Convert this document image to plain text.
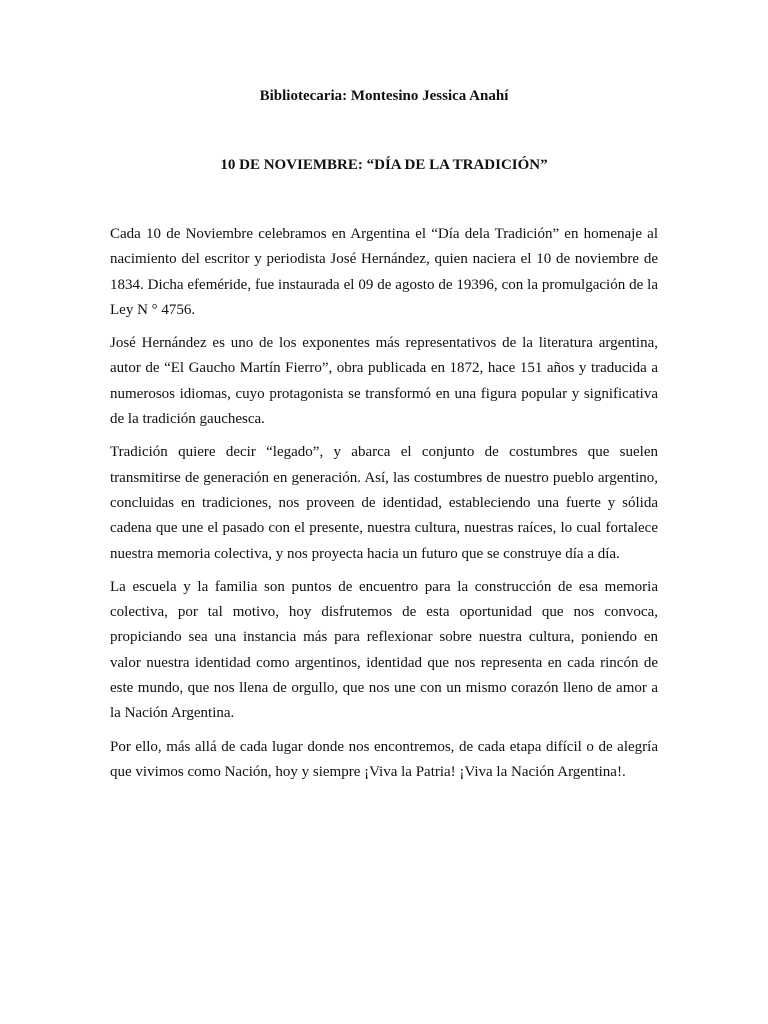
Bibliotecaria: Montesino Jessica Anahí
10 DE NOVIEMBRE: “DÍA DE LA TRADICIÓN”

Cada 10 de Noviembre celebramos en Argentina el “Día dela Tradición” en homenaje al nacimiento del escritor y periodista José Hernández, quien naciera el 10 de noviembre de 1834. Dicha efeméride, fue instaurada el 09 de agosto de 19396, con la promulgación de la Ley N ° 4756.

José Hernández es uno de los exponentes más representativos de la literatura argentina, autor de “El Gaucho Martín Fierro”, obra publicada en 1872, hace 151 años y traducida a numerosos idiomas, cuyo protagonista se transformó en una figura popular y significativa de la tradición gauchesca.

Tradición quiere decir “legado”, y abarca el conjunto de costumbres que suelen transmitirse de generación en generación. Así, las costumbres de nuestro pueblo argentino, concluidas en tradiciones, nos proveen de identidad, estableciendo una fuerte y sólida cadena que une el pasado con el presente, nuestra cultura, nuestras raíces, lo cual fortalece nuestra memoria colectiva, y nos proyecta hacia un futuro que se construye día a día.

La escuela y la familia son puntos de encuentro para la construcción de esa memoria colectiva, por tal motivo, hoy disfrutemos de esta oportunidad que nos convoca, propiciando sea una instancia más para reflexionar sobre nuestra cultura, poniendo en valor nuestra identidad como argentinos, identidad que nos representa en cada rincón de este mundo, que nos llena de orgullo, que nos une con un mismo corazón lleno de amor a la Nación Argentina.

Por ello, más allá de cada lugar donde nos encontremos, de cada etapa difícil o de alegría que vivimos como Nación, hoy y siempre ¡Viva la Patria! ¡Viva la Nación Argentina!.
